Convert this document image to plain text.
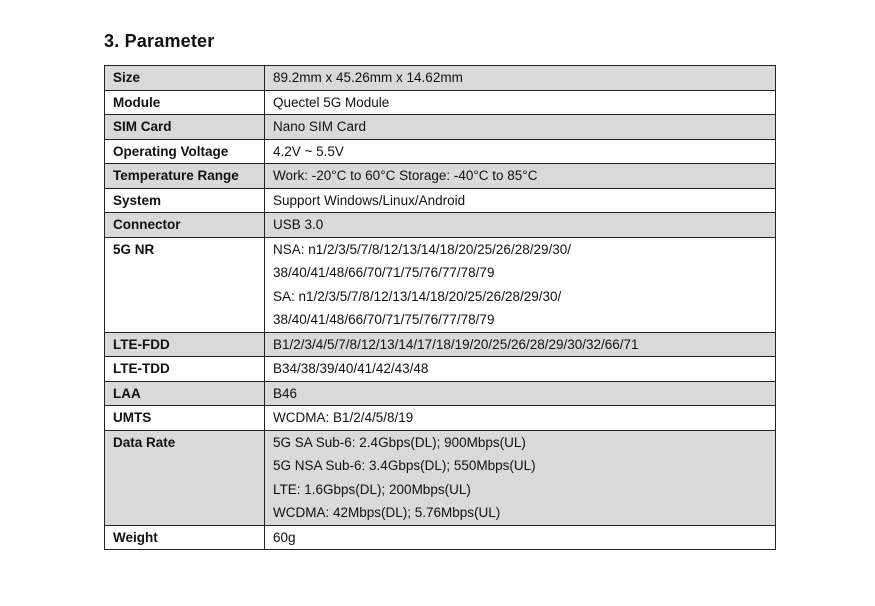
3. Parameter
Size	89.2mm x 45.26mm x 14.62mm

Module	Quectel 5G Module

SIM Card	Nano SIM Card

Operating Voltage	4.2V ~ 5.5V

Temperature Range	Work: -20°C to 60°C Storage: -40°C to 85°C

System	Support Windows/Linux/Android

Connector	USB 3.0

5G NR	NSA: n1/2/3/5/7/8/12/13/14/18/20/25/26/28/29/30/
38/40/41/48/66/70/71/75/76/77/78/79
SA: n1/2/3/5/7/8/12/13/14/18/20/25/26/28/29/30/
38/40/41/48/66/70/71/75/76/77/78/79

LTE-FDD	B1/2/3/4/5/7/8/12/13/14/17/18/19/20/25/26/28/29/30/32/66/71

LTE-TDD	B34/38/39/40/41/42/43/48

LAA	B46

UMTS	WCDMA: B1/2/4/5/8/19

Data Rate	5G SA Sub-6: 2.4Gbps(DL); 900Mbps(UL)
5G NSA Sub-6: 3.4Gbps(DL); 550Mbps(UL)
LTE: 1.6Gbps(DL); 200Mbps(UL)
WCDMA: 42Mbps(DL); 5.76Mbps(UL)

Weight	60g
